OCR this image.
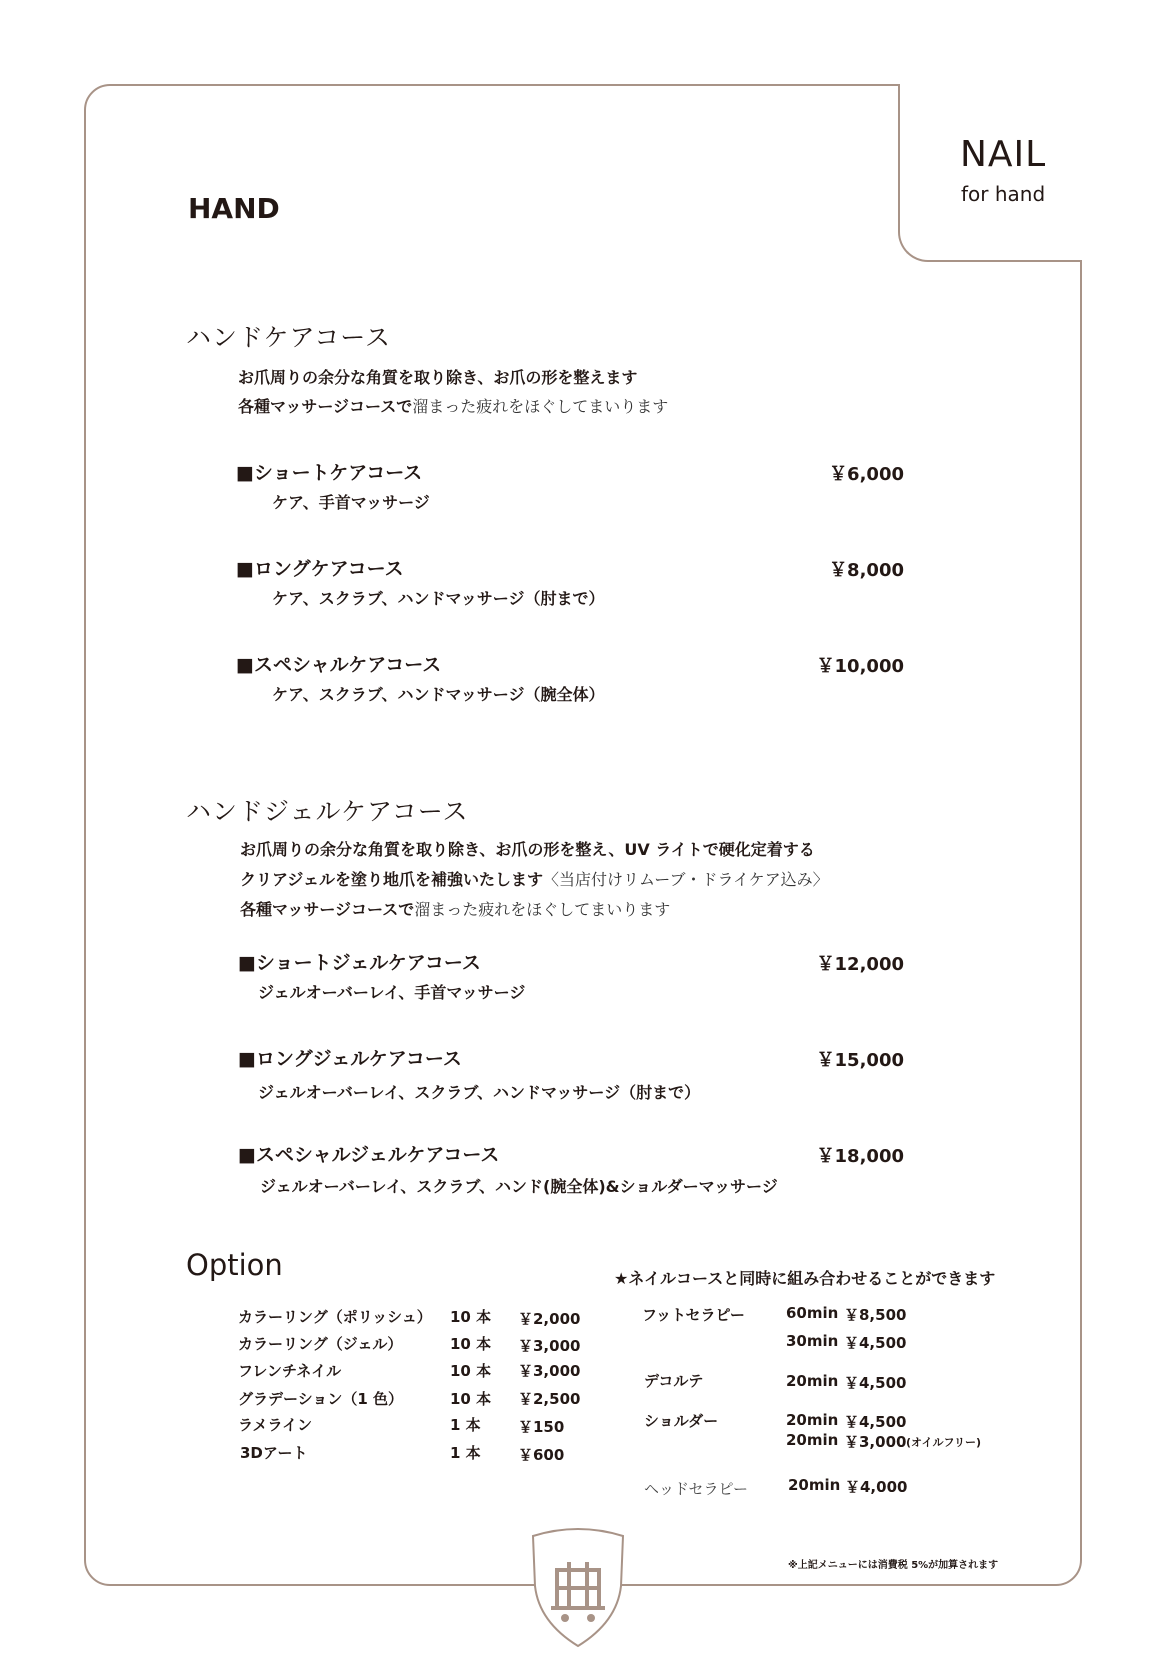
NAIL
for hand
HAND
ハンドケアコース
お爪周りの余分な角質を取り除き、お爪の形を整えます
各種マッサージコースで溜まった疲れをほぐしてまいります
■ショートケアコース	￥6,000
ケア、手首マッサージ
■ロングケアコース	￥8,000
ケア、スクラブ、ハンドマッサージ（肘まで）
■スペシャルケアコース	￥10,000
ケア、スクラブ、ハンドマッサージ（腕全体）
ハンドジェルケアコース
お爪周りの余分な角質を取り除き、お爪の形を整え、UV ライトで硬化定着する
クリアジェルを塗り地爪を補強いたします〈当店付けリムーブ・ドライケア込み〉
各種マッサージコースで溜まった疲れをほぐしてまいります
■ショートジェルケアコース	￥12,000
ジェルオーバーレイ、手首マッサージ
■ロングジェルケアコース	￥15,000
ジェルオーバーレイ、スクラブ、ハンドマッサージ（肘まで）
■スペシャルジェルケアコース	￥18,000
ジェルオーバーレイ、スクラブ、ハンド(腕全体)&ショルダーマッサージ
Option
カラーリング（ポリッシュ） 10 本 ￥2,000
カラーリング（ジェル）	10 本 ￥3,000
フレンチネイル	10 本 ￥3,000
グラデーション（1 色）	10 本 ￥2,500
ラメライン	1 本 ￥150
3Dアート	1 本 ￥600
★ネイルコースと同時に組み合わせることができます
フットセラピー	60min ￥8,500
30min ￥4,500
デコルテ	20min ￥4,500
ショルダー	20min ￥4,500
20min ￥3,000 (オイルフリー)
ヘッドセラピー	20min ￥4,000
※上記メニューには消費税 5%が加算されます
